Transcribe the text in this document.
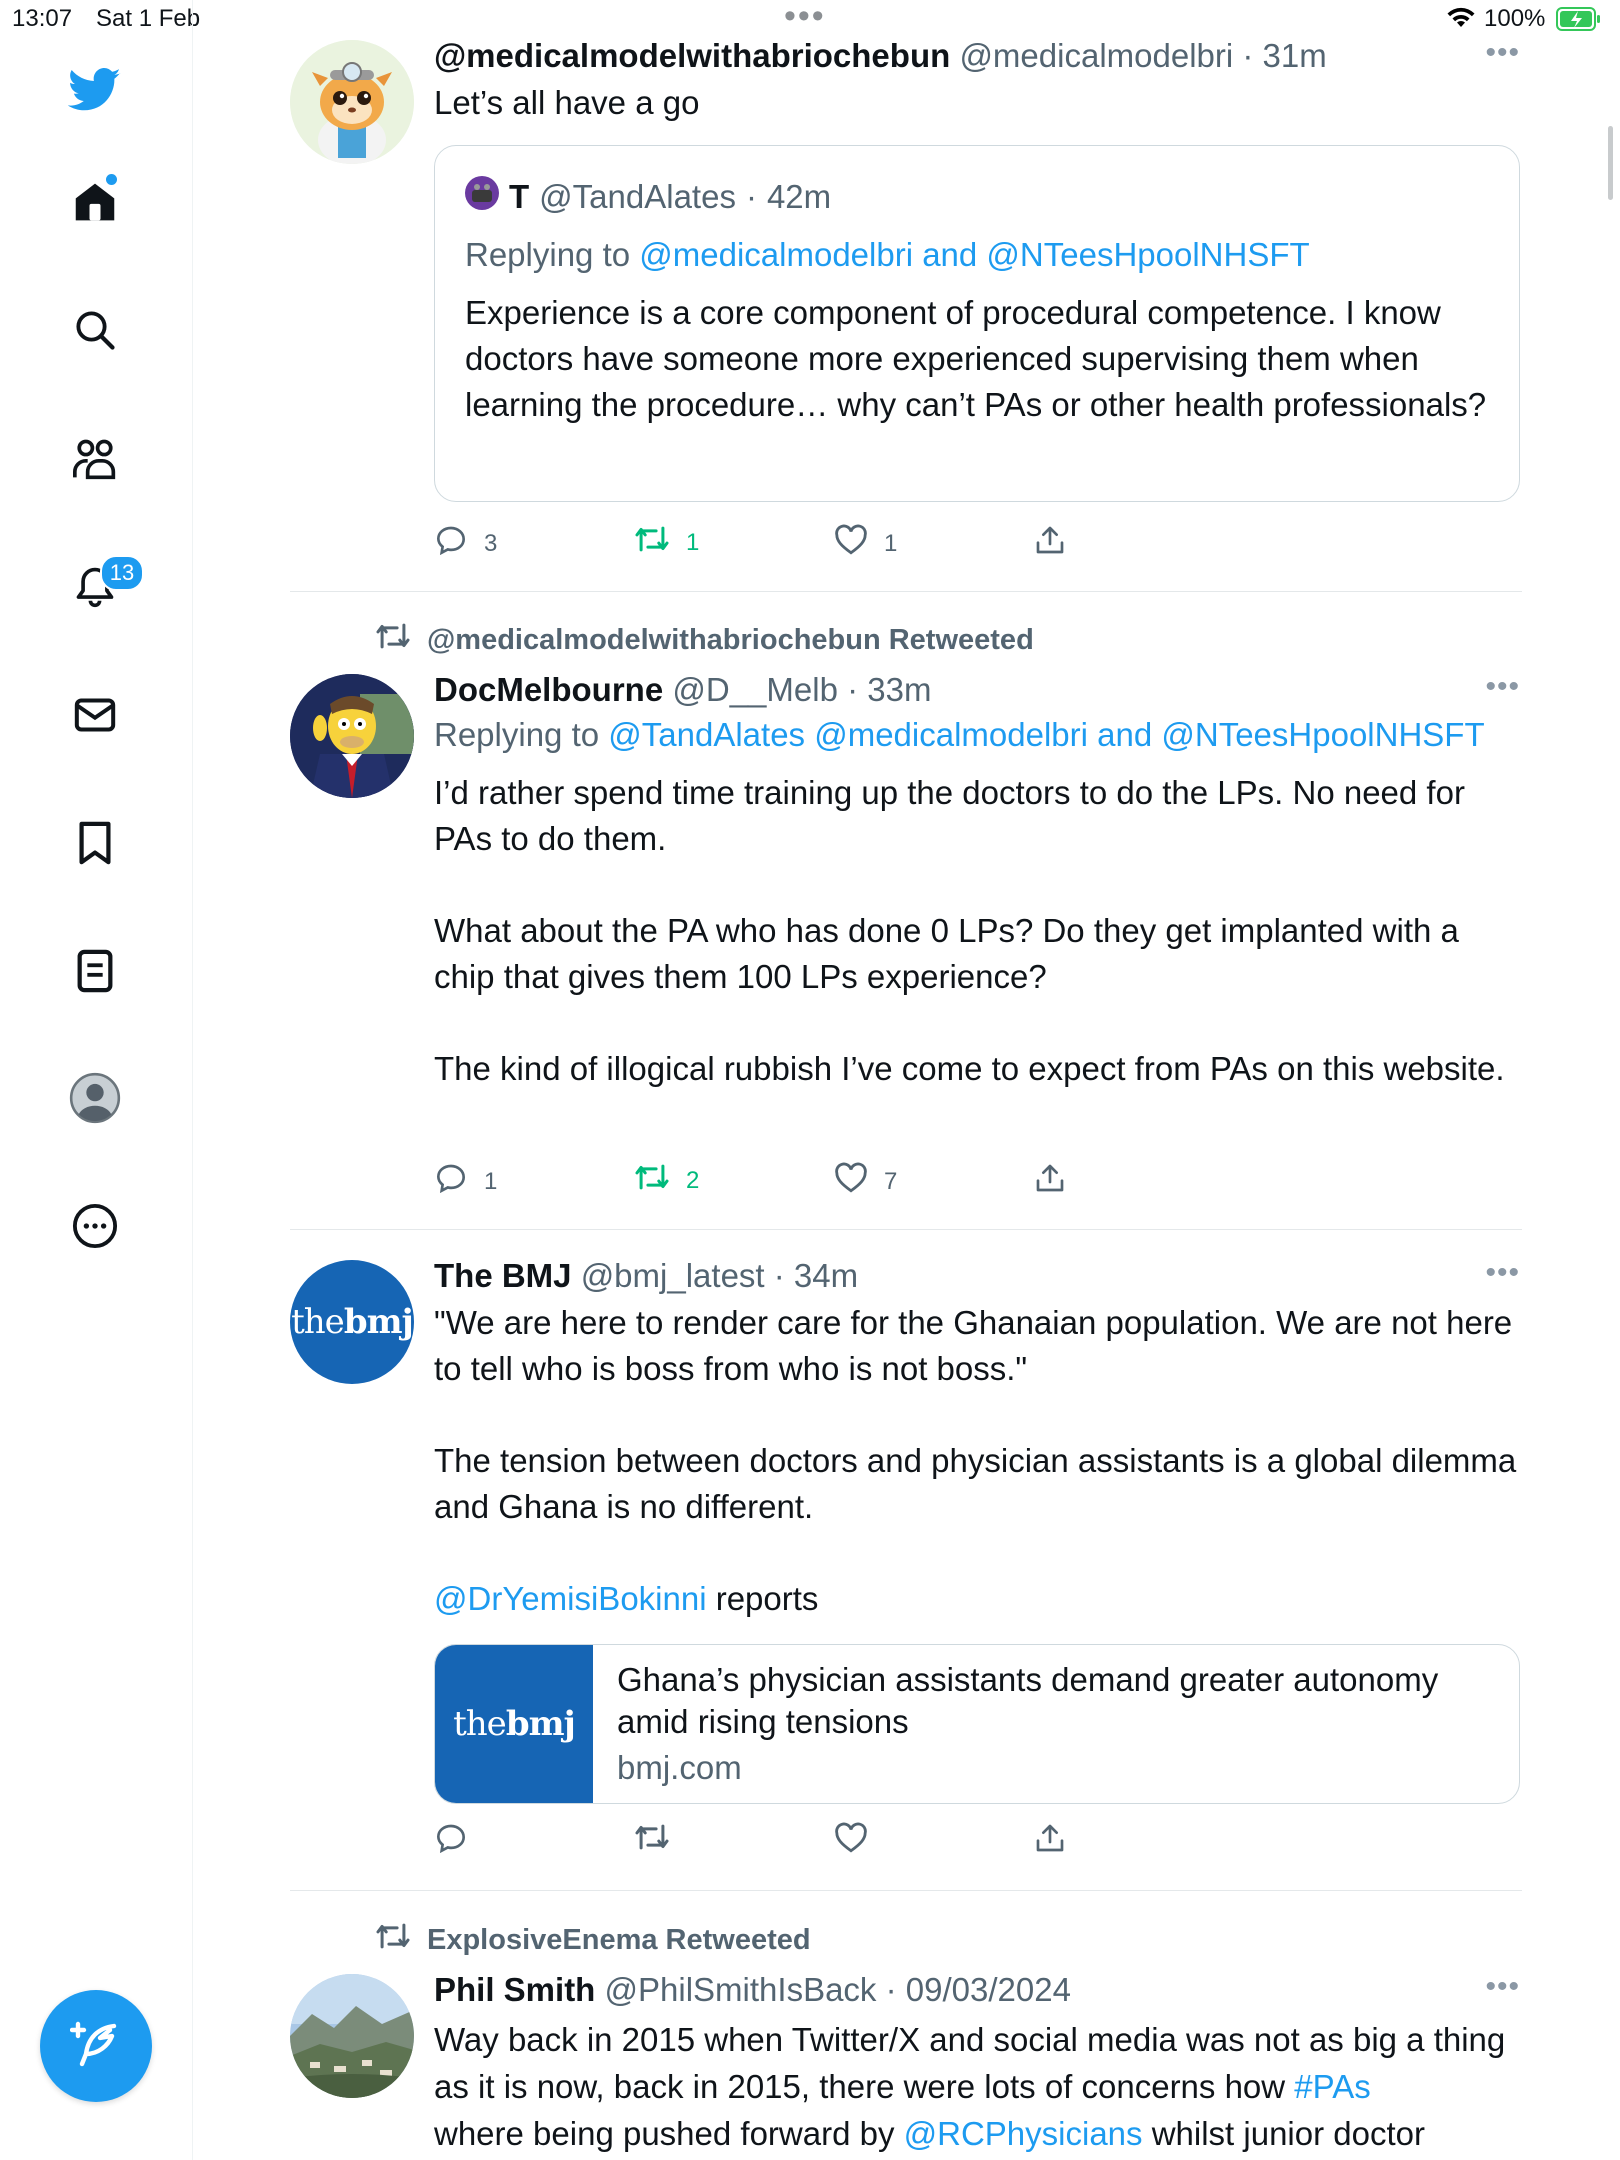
13:07 Sat 1 Feb	•••	100%
13
@medicalmodelwithabriochebun @medicalmodelbri · 31m	•••
Let’s all have a go
T @TandAlates · 42m
Replying to @medicalmodelbri and @NTeesHpoolNHSFT
Experience is a core component of procedural competence. I know doctors have someone more experienced supervising them when learning the procedure… why can’t PAs or other health professionals?
3	1	1
@medicalmodelwithabriochebun Retweeted
DocMelbourne @D__Melb · 33m	•••
Replying to @TandAlates @medicalmodelbri and @NTeesHpoolNHSFT
I’d rather spend time training up the doctors to do the LPs. No need for PAs to do them.

What about the PA who has done 0 LPs? Do they get implanted with a chip that gives them 100 LPs experience?

The kind of illogical rubbish I’ve come to expect from PAs on this website.
1	2	7
thebmj
The BMJ @bmj_latest · 34m	•••
"We are here to render care for the Ghanaian population. We are not here to tell who is boss from who is not boss."

The tension between doctors and physician assistants is a global dilemma and Ghana is no different.

@DrYemisiBokinni reports
thebmj
Ghana’s physician assistants demand greater autonomy amid rising tensions
bmj.com
ExplosiveEnema Retweeted
Phil Smith @PhilSmithIsBack · 09/03/2024	•••
Way back in 2015 when Twitter/X and social media was not as big a thing as it is now, back in 2015, there were lots of concerns how #PAs
where being pushed forward by @RCPhysicians whilst junior doctor
